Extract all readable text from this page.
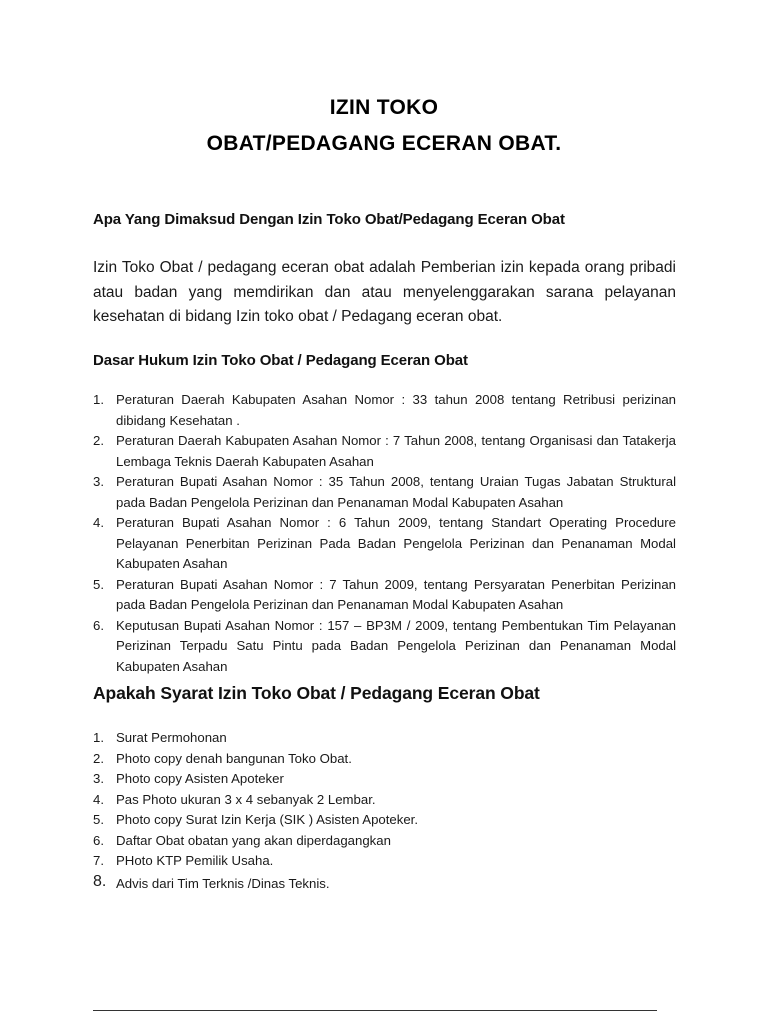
IZIN TOKO
OBAT/PEDAGANG ECERAN OBAT.
Apa Yang Dimaksud Dengan Izin Toko Obat/Pedagang Eceran Obat
Izin Toko Obat / pedagang eceran obat adalah Pemberian izin kepada orang pribadi atau badan yang memdirikan dan atau menyelenggarakan sarana pelayanan kesehatan di bidang Izin toko obat / Pedagang eceran obat.
Dasar Hukum Izin Toko Obat / Pedagang Eceran Obat
1. Peraturan Daerah Kabupaten Asahan Nomor : 33 tahun 2008 tentang Retribusi perizinan dibidang Kesehatan .
2. Peraturan Daerah Kabupaten Asahan Nomor : 7 Tahun 2008, tentang Organisasi dan Tatakerja Lembaga Teknis Daerah Kabupaten Asahan
3. Peraturan Bupati Asahan Nomor : 35 Tahun 2008, tentang Uraian Tugas Jabatan Struktural pada Badan Pengelola Perizinan dan Penanaman Modal Kabupaten Asahan
4. Peraturan Bupati Asahan Nomor : 6 Tahun 2009, tentang Standart Operating Procedure Pelayanan Penerbitan Perizinan Pada Badan Pengelola Perizinan dan Penanaman Modal Kabupaten Asahan
5. Peraturan Bupati Asahan Nomor : 7 Tahun 2009, tentang Persyaratan Penerbitan Perizinan pada Badan Pengelola Perizinan dan Penanaman Modal Kabupaten Asahan
6. Keputusan Bupati Asahan Nomor : 157 – BP3M / 2009, tentang Pembentukan Tim Pelayanan Perizinan Terpadu Satu Pintu pada Badan Pengelola Perizinan dan Penanaman Modal Kabupaten Asahan
Apakah Syarat Izin Toko Obat / Pedagang Eceran Obat
1. Surat Permohonan
2. Photo copy denah bangunan Toko Obat.
3. Photo copy Asisten Apoteker
4. Pas Photo ukuran 3 x 4 sebanyak 2 Lembar.
5. Photo copy Surat Izin Kerja (SIK ) Asisten Apoteker.
6. Daftar Obat obatan yang akan diperdagangkan
7. PHoto KTP Pemilik Usaha.
8. Advis dari Tim Terknis /Dinas Teknis.
